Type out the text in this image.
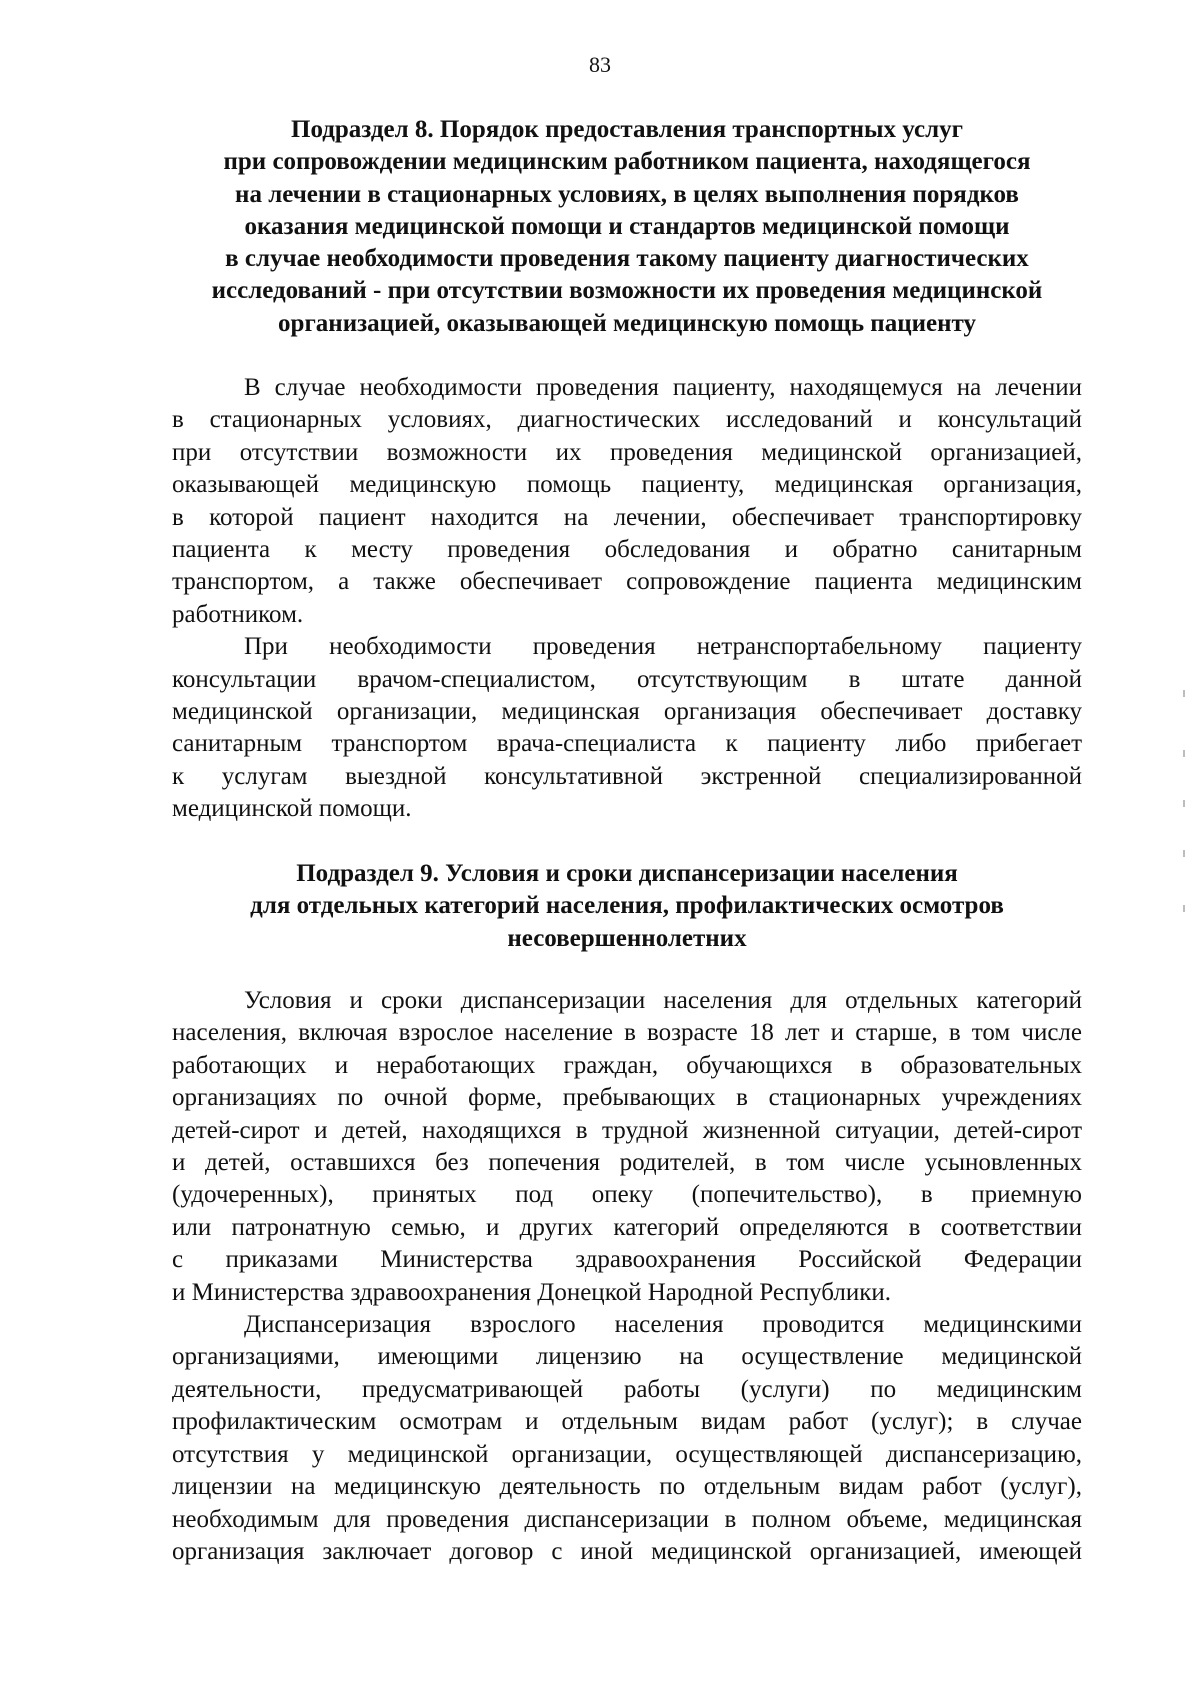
83
Подраздел 8. Порядок предоставления транспортных услуг
при сопровождении медицинским работником пациента, находящегося
на лечении в стационарных условиях, в целях выполнения порядков
оказания медицинской помощи и стандартов медицинской помощи
в случае необходимости проведения такому пациенту диагностических
исследований - при отсутствии возможности их проведения медицинской
организацией, оказывающей медицинскую помощь пациенту

В случае необходимости проведения пациенту, находящемуся на лечении
в стационарных условиях, диагностических исследований и консультаций
при отсутствии возможности их проведения медицинской организацией,
оказывающей медицинскую помощь пациенту, медицинская организация,
в которой пациент находится на лечении, обеспечивает транспортировку
пациента к месту проведения обследования и обратно санитарным
транспортом, а также обеспечивает сопровождение пациента медицинским
работником.

При необходимости проведения нетранспортабельному пациенту
консультации врачом-специалистом, отсутствующим в штате данной
медицинской организации, медицинская организация обеспечивает доставку
санитарным транспортом врача-специалиста к пациенту либо прибегает
к услугам выездной консультативной экстренной специализированной
медицинской помощи.

Подраздел 9. Условия и сроки диспансеризации населения
для отдельных категорий населения, профилактических осмотров
несовершеннолетних

Условия и сроки диспансеризации населения для отдельных категорий
населения, включая взрослое население в возрасте 18 лет и старше, в том числе
работающих и неработающих граждан, обучающихся в образовательных
организациях по очной форме, пребывающих в стационарных учреждениях
детей-сирот и детей, находящихся в трудной жизненной ситуации, детей-сирот
и детей, оставшихся без попечения родителей, в том числе усыновленных
(удочеренных), принятых под опеку (попечительство), в приемную
или патронатную семью, и других категорий определяются в соответствии
с приказами Министерства здравоохранения Российской Федерации
и Министерства здравоохранения Донецкой Народной Республики.

Диспансеризация взрослого населения проводится медицинскими
организациями, имеющими лицензию на осуществление медицинской
деятельности, предусматривающей работы (услуги) по медицинским
профилактическим осмотрам и отдельным видам работ (услуг); в случае
отсутствия у медицинской организации, осуществляющей диспансеризацию,
лицензии на медицинскую деятельность по отдельным видам работ (услуг),
необходимым для проведения диспансеризации в полном объеме, медицинская
организация заключает договор с иной медицинской организацией, имеющей
